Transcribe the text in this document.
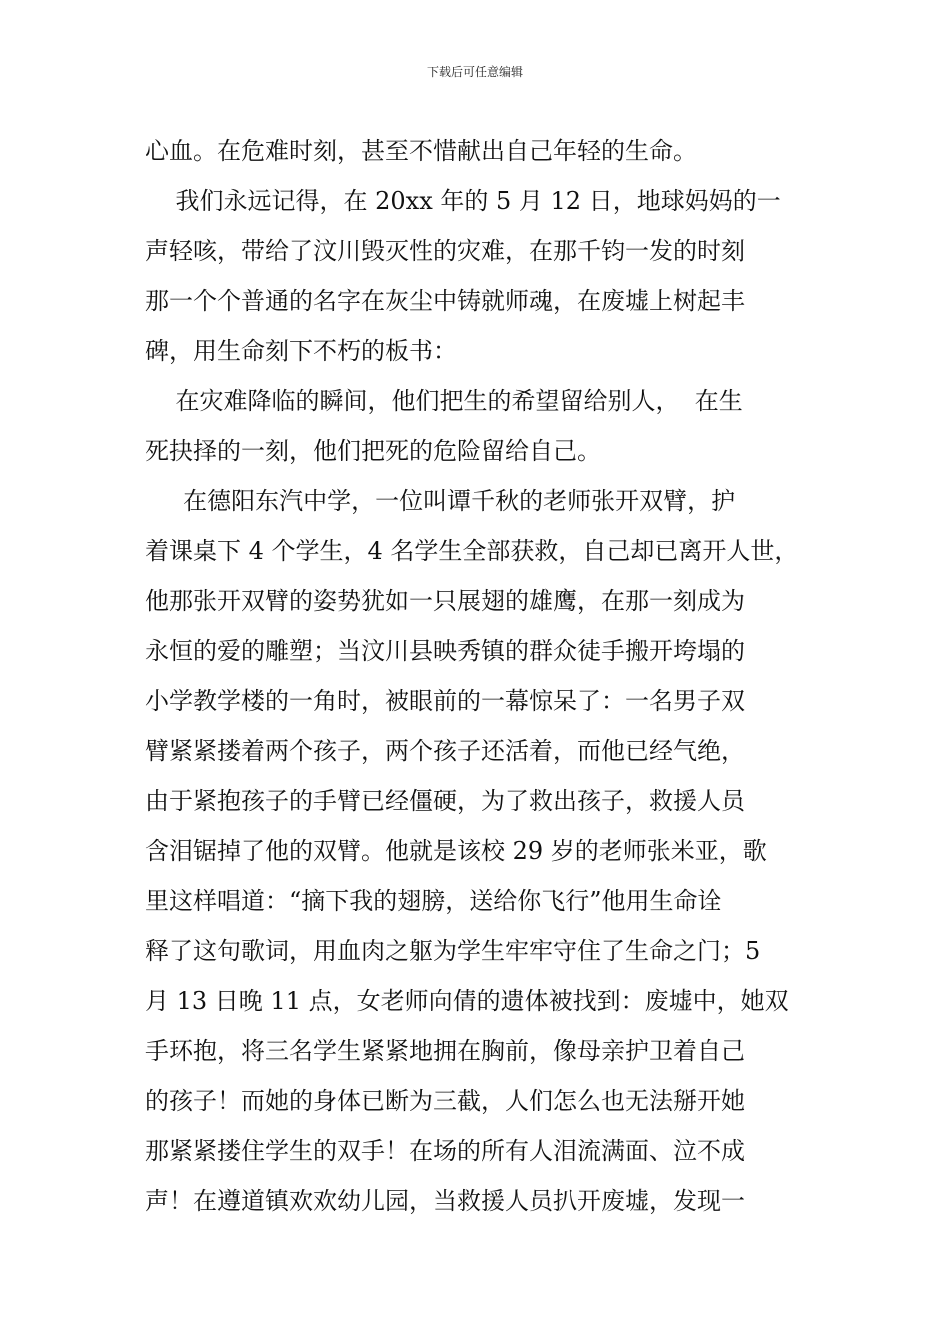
下载后可任意编辑
心血。在危难时刻，甚至不惜献出自己年轻的生命。
我们永远记得，在 20xx 年的 5 月 12 日，地球妈妈的一
声轻咳，带给了汶川毁灭性的灾难，在那千钧一发的时刻
那一个个普通的名字在灰尘中铸就师魂，在废墟上树起丰
碑，用生命刻下不朽的板书：
在灾难降临的瞬间，他们把生的希望留给别人，  在生
死抉择的一刻，他们把死的危险留给自己。
在德阳东汽中学，一位叫谭千秋的老师张开双臂，护
着课桌下 4 个学生，4 名学生全部获救，自己却已离开人世，
他那张开双臂的姿势犹如一只展翅的雄鹰，在那一刻成为
永恒的爱的雕塑；当汶川县映秀镇的群众徒手搬开垮塌的
小学教学楼的一角时，被眼前的一幕惊呆了：一名男子双
臂紧紧搂着两个孩子，两个孩子还活着，而他已经气绝，
由于紧抱孩子的手臂已经僵硬，为了救出孩子，救援人员
含泪锯掉了他的双臂。他就是该校 29 岁的老师张米亚，歌
里这样唱道：“摘下我的翅膀，送给你飞行”他用生命诠
释了这句歌词，用血肉之躯为学生牢牢守住了生命之门；5
月 13 日晚 11 点，女老师向倩的遗体被找到：废墟中，她双
手环抱，将三名学生紧紧地拥在胸前，像母亲护卫着自己
的孩子！而她的身体已断为三截，人们怎么也无法掰开她
那紧紧搂住学生的双手！在场的所有人泪流满面、泣不成
声！在遵道镇欢欢幼儿园，当救援人员扒开废墟，发现一
